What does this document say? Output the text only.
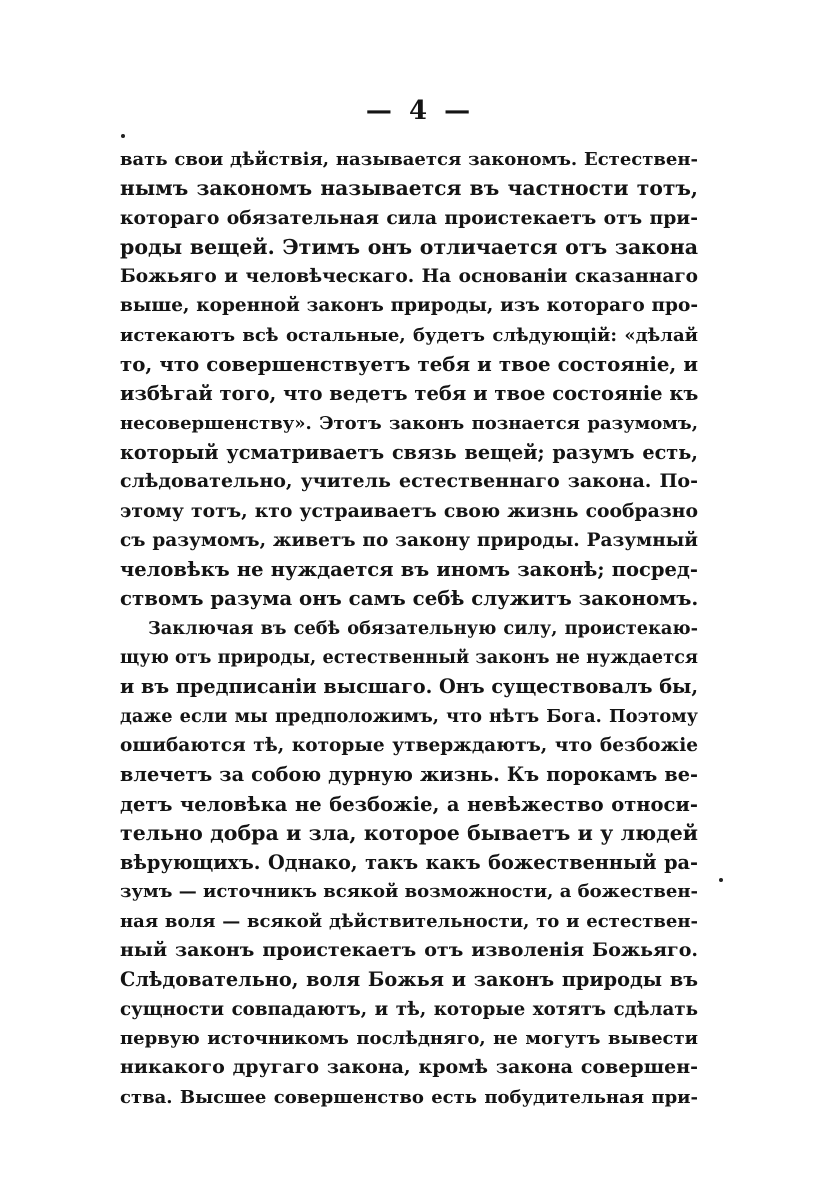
— 4 —
вать свои дѣйствія, называется закономъ. Естествен-
нымъ закономъ называется въ частности тотъ,
котораго обязательная сила проистекаетъ отъ при-
роды вещей. Этимъ онъ отличается отъ закона
Божьяго и человѣческаго. На основаніи сказаннаго
выше, коренной законъ природы, изъ котораго про-
истекаютъ всѣ остальные, будетъ слѣдующій: «дѣлай
то, что совершенствуетъ тебя и твое состояніе, и
избѣгай того, что ведетъ тебя и твое состояніе къ
несовершенству». Этотъ законъ познается разумомъ,
который усматриваетъ связь вещей; разумъ есть,
слѣдовательно, учитель естественнаго закона. По-
этому тотъ, кто устраиваетъ свою жизнь сообразно
съ разумомъ, живетъ по закону природы. Разумный
человѣкъ не нуждается въ иномъ законѣ; посред-
ствомъ разума онъ самъ себѣ служитъ закономъ.
Заключая въ себѣ обязательную силу, проистекаю-
щую отъ природы, естественный законъ не нуждается
и въ предписаніи высшаго. Онъ существовалъ бы,
даже если мы предположимъ, что нѣтъ Бога. Поэтому
ошибаются тѣ, которые утверждаютъ, что безбожіе
влечетъ за собою дурную жизнь. Къ порокамъ ве-
детъ человѣка не безбожіе, а невѣжество относи-
тельно добра и зла, которое бываетъ и у людей
вѣрующихъ. Однако, такъ какъ божественный ра-
зумъ — источникъ всякой возможности, а божествен-
ная воля — всякой дѣйствительности, то и естествен-
ный законъ проистекаетъ отъ изволенія Божьяго.
Слѣдовательно, воля Божья и законъ природы въ
сущности совпадаютъ, и тѣ, которые хотятъ сдѣлать
первую источникомъ послѣдняго, не могутъ вывести
никакого другаго закона, кромѣ закона совершен-
ства. Высшее совершенство есть побудительная при-
